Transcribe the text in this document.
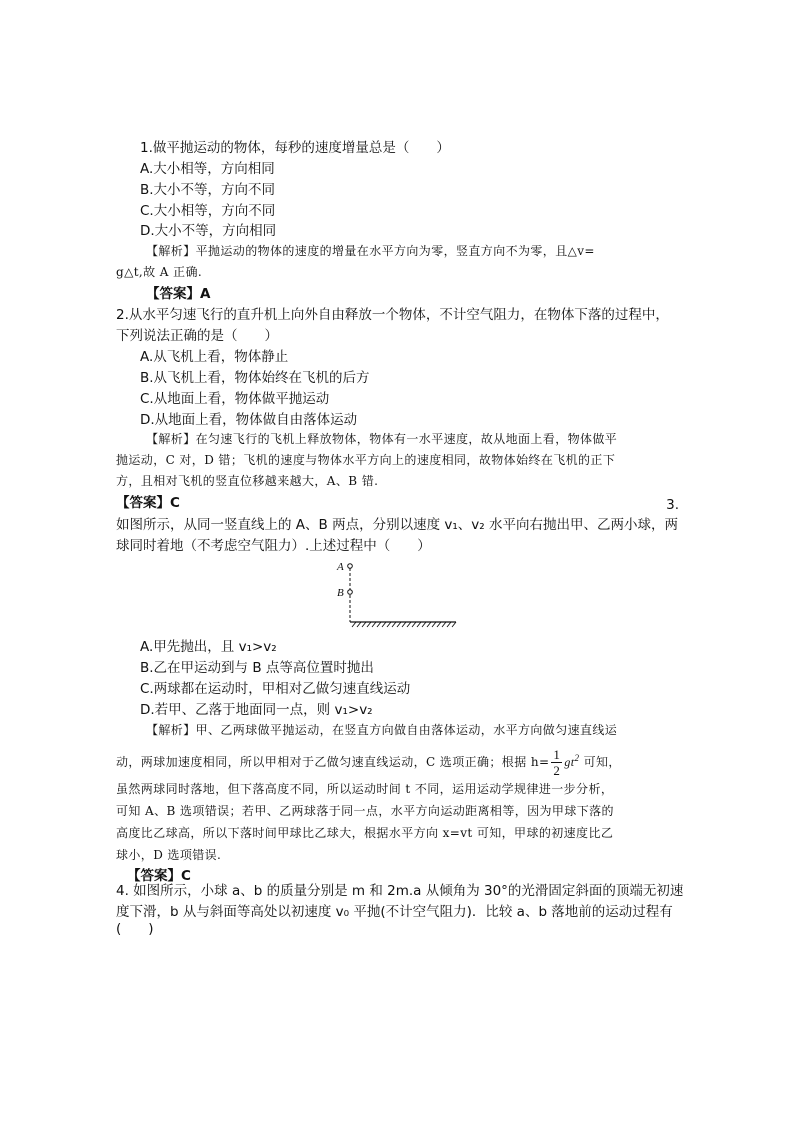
1.做平抛运动的物体，每秒的速度增量总是（　　）
A.大小相等，方向相同
B.大小不等，方向不同
C.大小相等，方向不同
D.大小不等，方向相同
【解析】平抛运动的物体的速度的增量在水平方向为零，竖直方向不为零，且△v=
g△t,故 A 正确.
【答案】A
2.从水平匀速飞行的直升机上向外自由释放一个物体，不计空气阻力，在物体下落的过程中，
下列说法正确的是（　　）
A.从飞机上看，物体静止
B.从飞机上看，物体始终在飞机的后方
C.从地面上看，物体做平抛运动
D.从地面上看，物体做自由落体运动
【解析】在匀速飞行的飞机上释放物体，物体有一水平速度，故从地面上看，物体做平
抛运动，C 对，D 错；飞机的速度与物体水平方向上的速度相同，故物体始终在飞机的正下
方，且相对飞机的竖直位移越来越大，A、B 错.
【答案】C	3.
如图所示，从同一竖直线上的 A、B 两点，分别以速度 v₁、v₂ 水平向右抛出甲、乙两小球，两
球同时着地（不考虑空气阻力）.上述过程中（　　）
A
B
A.甲先抛出，且 v₁>v₂
B.乙在甲运动到与 B 点等高位置时抛出
C.两球都在运动时，甲相对乙做匀速直线运动
D.若甲、乙落于地面同一点，则 v₁>v₂
【解析】甲、乙两球做平抛运动，在竖直方向做自由落体运动，水平方向做匀速直线运
动，两球加速度相同，所以甲相对于乙做匀速直线运动，C 选项正确；根据 $h= \frac{1}{2} gt^2$ 可知，
虽然两球同时落地，但下落高度不同，所以运动时间 t 不同，运用运动学规律进一步分析，
可知 A、B 选项错误；若甲、乙两球落于同一点，水平方向运动距离相等，因为甲球下落的
高度比乙球高，所以下落时间甲球比乙球大，根据水平方向 x=vt 可知，甲球的初速度比乙
球小，D 选项错误.
【答案】C
4. 如图所示，小球 a、b 的质量分别是 m 和 2m.a 从倾角为 30°的光滑固定斜面的顶端无初速
度下滑，b 从与斜面等高处以初速度 v₀ 平抛(不计空气阻力)．比较 a、b 落地前的运动过程有
(　　)
